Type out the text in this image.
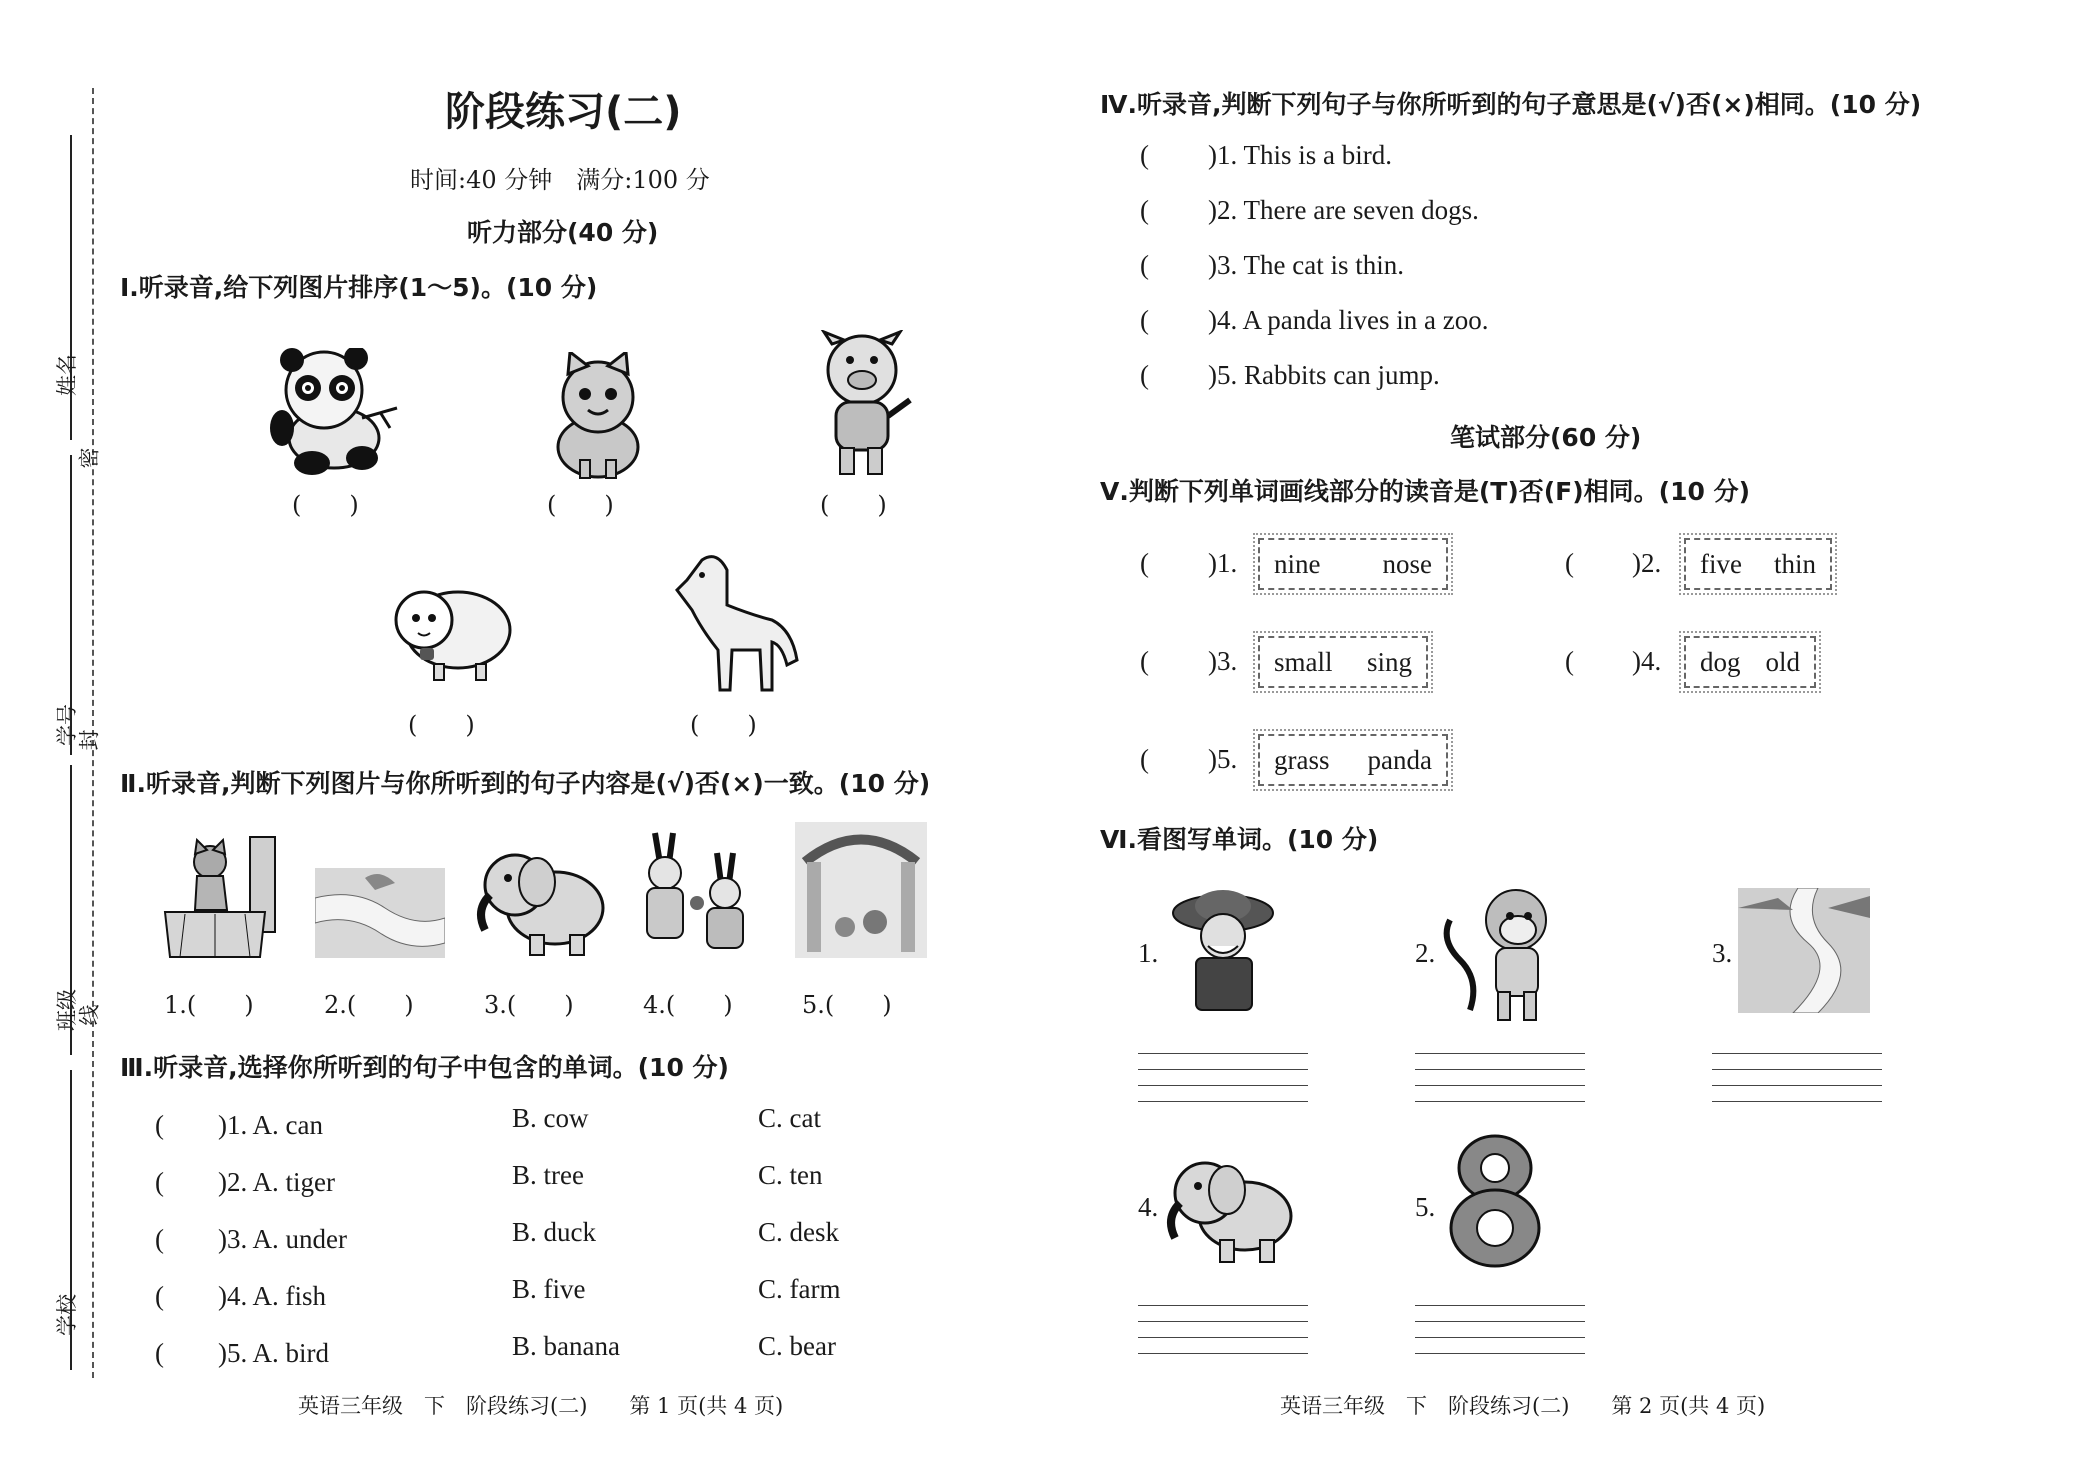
姓名
密
学号
封
班级
线
学校
阶段练习(二)
时间:40 分钟　满分:100 分
听力部分(40 分)
Ⅰ.听录音,给下列图片排序(1～5)。(10 分)
(　　)	(　　)	(　　)
(　　)	(　　)
Ⅱ.听录音,判断下列图片与你所听到的句子内容是(√)否(×)一致。(10 分)
1.(　　)	2.(　　)	3.(　　)	4.(　　)	5.(　　)
Ⅲ.听录音,选择你所听到的句子中包含的单词。(10 分)
(　　)1. A. can	B. cow	C. cat
(　　)2. A. tiger	B. tree	C. ten
(　　)3. A. under	B. duck	C. desk
(　　)4. A. fish	B. five	C. farm
(　　)5. A. bird	B. banana	C. bear
英语三年级　下　阶段练习(二)　　第 1 页(共 4 页)
Ⅳ.听录音,判断下列句子与你所听到的句子意思是(√)否(×)相同。(10 分)
( )1. This is a bird.
( )2. There are seven dogs.
( )3. The cat is thin.
( )4. A panda lives in a zoo.
( )5. Rabbits can jump.
笔试部分(60 分)
Ⅴ.判断下列单词画线部分的读音是(T)否(F)相同。(10 分)
( )1. nine nose	( )2. five thin
( )3. small sing	( )4. dog old
( )5. grass panda
Ⅵ.看图写单词。(10 分)
1.	2.	3.
4.	5.
英语三年级　下　阶段练习(二)　　第 2 页(共 4 页)
